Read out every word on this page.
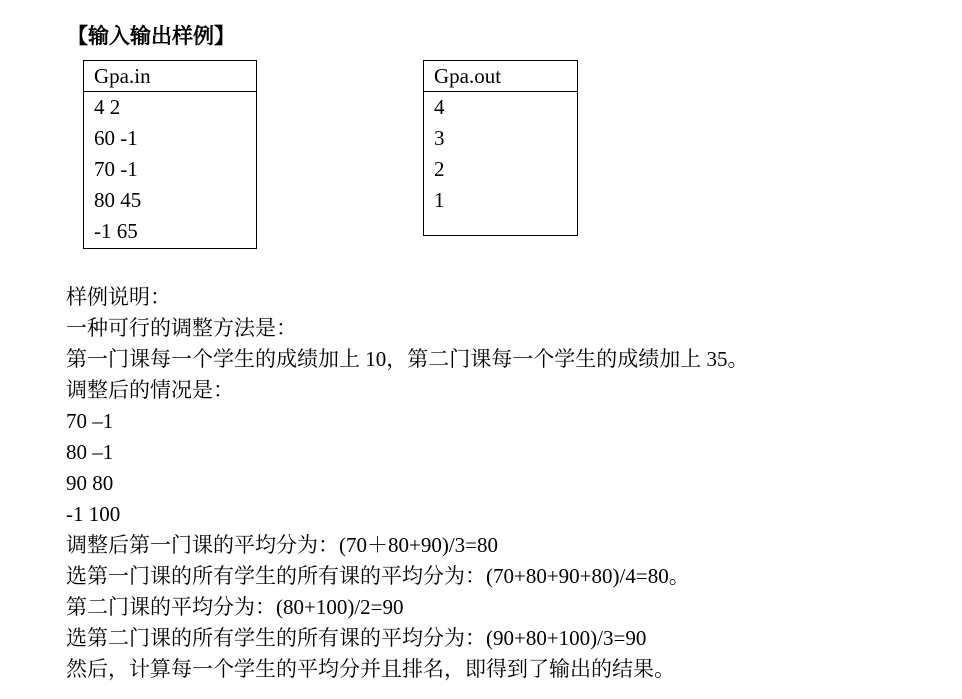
【输入输出样例】
Gpa.in
4 2
60 -1
70 -1
80 45
-1 65
Gpa.out
4
3
2
1
样例说明：
一种可行的调整方法是：
第一门课每一个学生的成绩加上 10，第二门课每一个学生的成绩加上 35。
调整后的情况是：
70 –1
80 –1
90 80
-1 100
调整后第一门课的平均分为：(70＋80+90)/3=80
选第一门课的所有学生的所有课的平均分为：(70+80+90+80)/4=80。
第二门课的平均分为：(80+100)/2=90
选第二门课的所有学生的所有课的平均分为：(90+80+100)/3=90
然后，计算每一个学生的平均分并且排名，即得到了输出的结果。
